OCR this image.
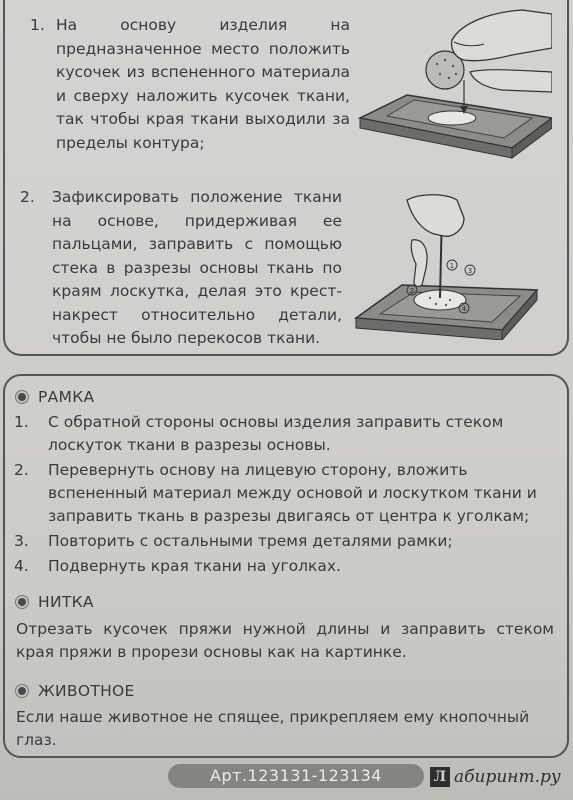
1. На основу изделия на предназначенное место положить кусочек из вспененного материала и сверху наложить кусочек ткани, так чтобы края ткани выходили за пределы контура;
2. Зафиксировать положение ткани на основе, придерживая ее пальцами, заправить с помощью стека в разрезы основы ткань по краям лоскутка, делая это крест-накрест относительно детали, чтобы не было перекосов ткани.
1
2
3
4
РАМКА
1. С обратной стороны основы изделия заправить стеком лоскуток ткани в разрезы основы.
2. Перевернуть основу на лицевую сторону, вложить вспененный материал между основой и лоскутком ткани и заправить ткань в разрезы двигаясь от центра к уголкам;
3. Повторить с остальными тремя деталями рамки;
4. Подвернуть края ткани на уголках.
НИТКА
Отрезать кусочек пряжи нужной длины и заправить стеком края пряжи в прорези основы как на картинке.
ЖИВОТНОЕ
Если наше животное не спящее, прикрепляем ему кнопочный глаз.
Арт.123131-123134	Л абиринт.ру
